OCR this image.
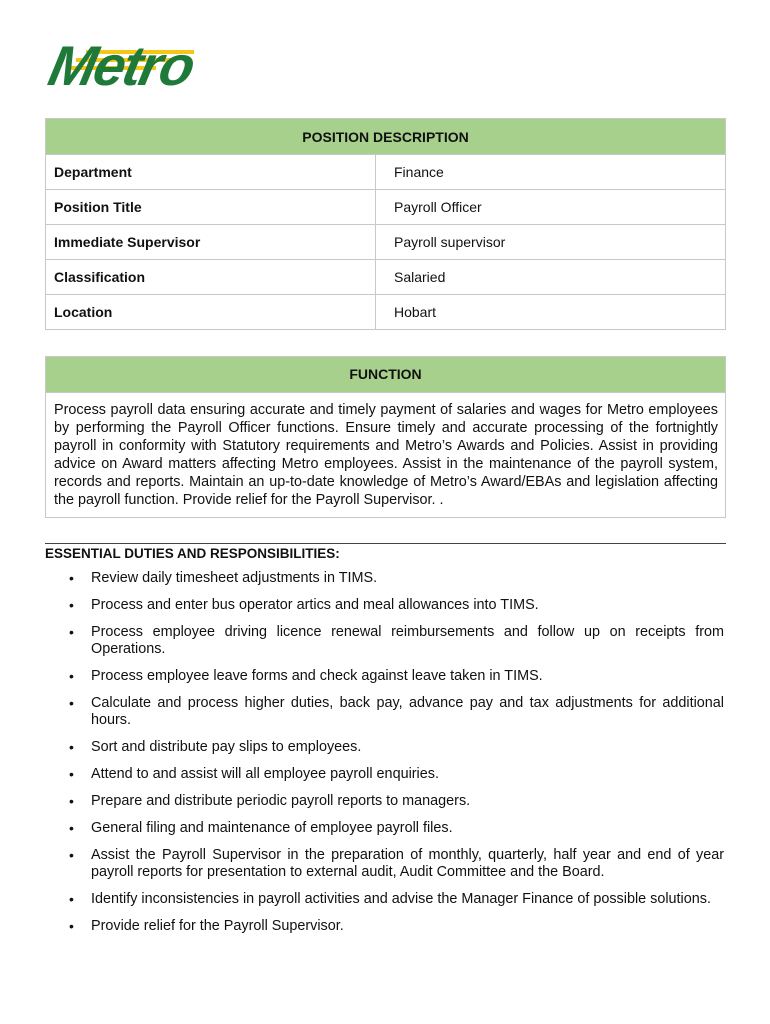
Metro
POSITION DESCRIPTION	
Department	Finance
Position Title	Payroll Officer
Immediate Supervisor	Payroll supervisor
Classification	Salaried
Location	Hobart
FUNCTION
Process payroll data ensuring accurate and timely payment of salaries and wages for Metro employees by performing the Payroll Officer functions. Ensure timely and accurate processing of the fortnightly payroll in conformity with Statutory requirements and Metro’s Awards and Policies. Assist in providing advice on Award matters affecting Metro employees. Assist in the maintenance of the payroll system, records and reports. Maintain an up-to-date knowledge of Metro’s Award/EBAs and legislation affecting the payroll function. Provide relief for the Payroll Supervisor. .
ESSENTIAL DUTIES AND RESPONSIBILITIES:
• Review daily timesheet adjustments in TIMS.
• Process and enter bus operator artics and meal allowances into TIMS.
• Process employee driving licence renewal reimbursements and follow up on receipts from Operations.
• Process employee leave forms and check against leave taken in TIMS.
• Calculate and process higher duties, back pay, advance pay and tax adjustments for additional hours.
• Sort and distribute pay slips to employees.
• Attend to and assist will all employee payroll enquiries.
• Prepare and distribute periodic payroll reports to managers.
• General filing and maintenance of employee payroll files.
• Assist the Payroll Supervisor in the preparation of monthly, quarterly, half year and end of year payroll reports for presentation to external audit, Audit Committee and the Board.
• Identify inconsistencies in payroll activities and advise the Manager Finance of possible solutions.
• Provide relief for the Payroll Supervisor.
